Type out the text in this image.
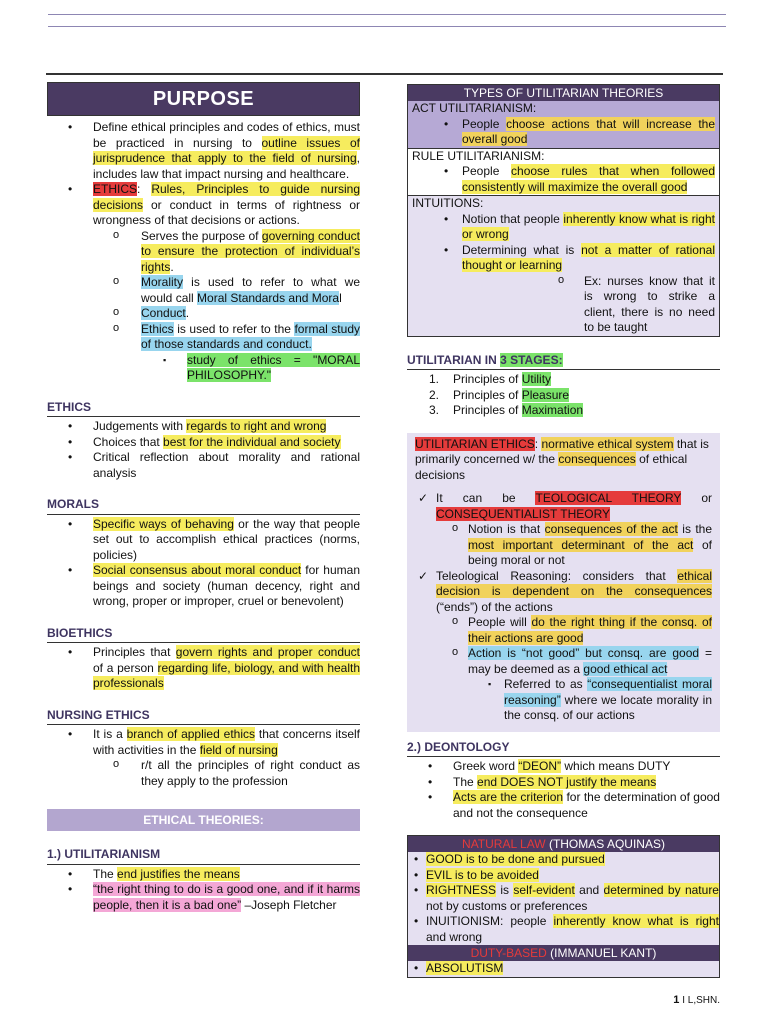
PURPOSE
• Define ethical principles and codes of ethics, must be practiced in nursing to outline issues of jurisprudence that apply to the field of nursing, includes law that impact nursing and healthcare.
• ETHICS: Rules, Principles to guide nursing decisions or conduct in terms of rightness or wrongness of that decisions or actions.
o Serves the purpose of governing conduct to ensure the protection of individual’s rights.
o Morality is used to refer to what we would call Moral Standards and Moral
o Conduct.
o Ethics is used to refer to the formal study of those standards and conduct.
▪ study of ethics = "MORAL PHILOSOPHY."
ETHICS
• Judgements with regards to right and wrong
• Choices that best for the individual and society
• Critical reflection about morality and rational analysis
MORALS
• Specific ways of behaving or the way that people set out to accomplish ethical practices (norms, policies)
• Social consensus about moral conduct for human beings and society (human decency, right and wrong, proper or improper, cruel or benevolent)
BIOETHICS
• Principles that govern rights and proper conduct of a person regarding life, biology, and with health professionals
NURSING ETHICS
• It is a branch of applied ethics that concerns itself with activities in the field of nursing
o r/t all the principles of right conduct as they apply to the profession
ETHICAL THEORIES:
1.) UTILITARIANISM
• The end justifies the means
• “the right thing to do is a good one, and if it harms people, then it is a bad one” –Joseph Fletcher
TYPES OF UTILITARIAN THEORIES
ACT UTILITARIANISM:
• People choose actions that will increase the overall good
RULE UTILITARIANISM:
• People choose rules that when followed consistently will maximize the overall good
INTUITIONS:
• Notion that people inherently know what is right or wrong
• Determining what is not a matter of rational thought or learning
o Ex: nurses know that it is wrong to strike a client, there is no need to be taught
UTILITARIAN IN 3 STAGES:
1. Principles of Utility
2. Principles of Pleasure
3. Principles of Maximation
UTILITARIAN ETHICS: normative ethical system that is primarily concerned w/ the consequences of ethical decisions
✓ It can be TEOLOGICAL THEORY or CONSEQUENTIALIST THEORY
o Notion is that consequences of the act is the most important determinant of the act of being moral or not
✓ Teleological Reasoning: considers that ethical decision is dependent on the consequences (“ends”) of the actions
o People will do the right thing if the consq. of their actions are good
o Action is “not good” but consq. are good = may be deemed as a good ethical act
▪ Referred to as “consequentialist moral reasoning” where we locate morality in the consq. of our actions
2.) DEONTOLOGY
• Greek word “DEON” which means DUTY
• The end DOES NOT justify the means
• Acts are the criterion for the determination of good and not the consequence
NATURAL LAW (THOMAS AQUINAS)
• GOOD is to be done and pursued
• EVIL is to be avoided
• RIGHTNESS is self-evident and determined by nature not by customs or preferences
• INUITIONISM: people inherently know what is right and wrong
DUTY-BASED (IMMANUEL KANT)
• ABSOLUTISM
1 I L,SHN.
